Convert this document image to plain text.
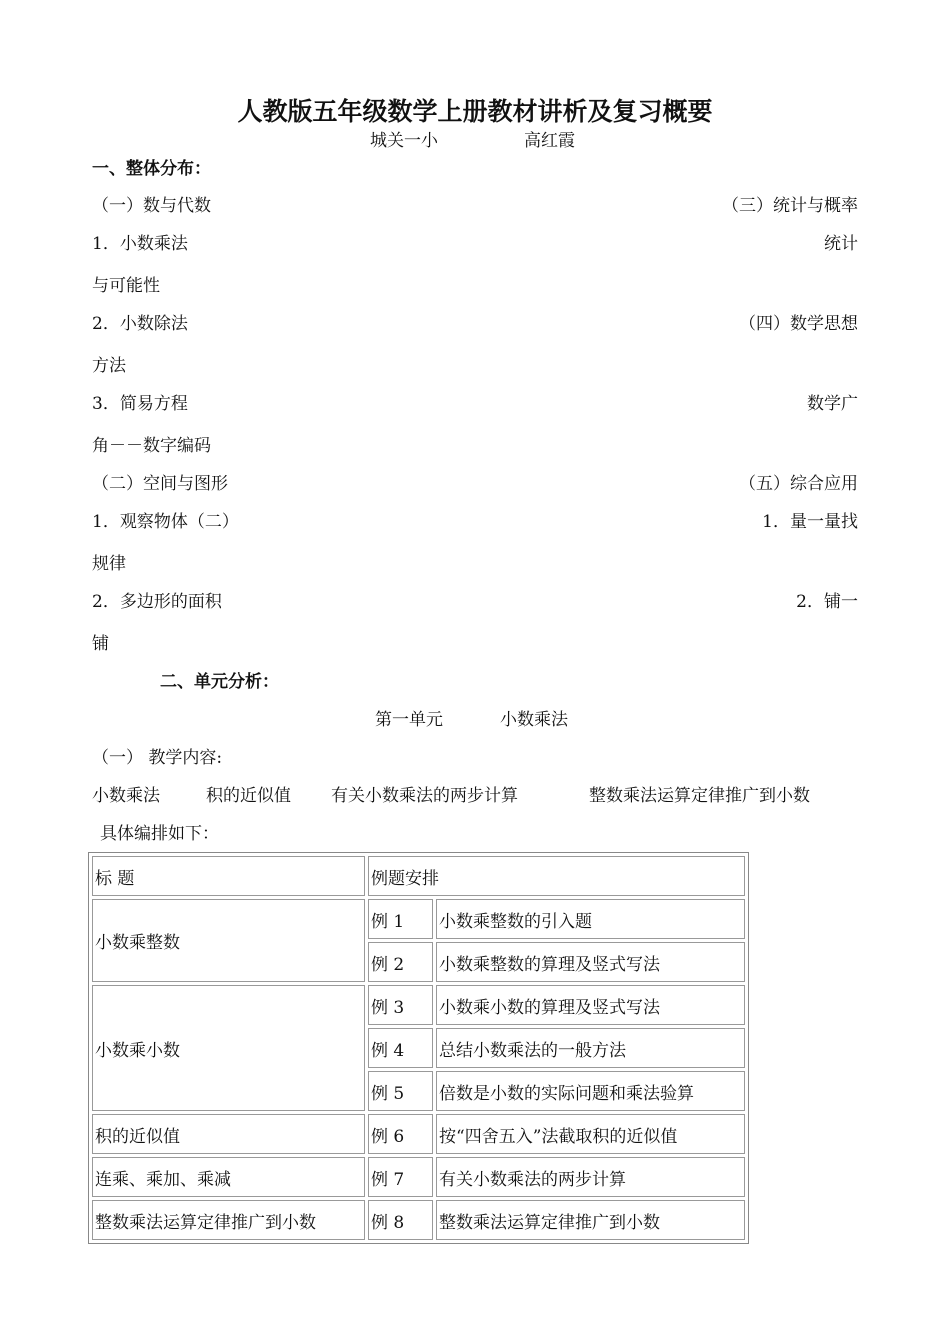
人教版五年级数学上册教材讲析及复习概要
城关一小	高红霞
一、整体分布：
（一）数与代数	（三）统计与概率
1．小数乘法	统计
与可能性
2．小数除法	（四）数学思想
方法
3．简易方程	数学广
角－－数字编码
（二）空间与图形	（五）综合应用
1．观察物体（二）	1．量一量找
规律
2．多边形的面积	2．铺一
铺
二、单元分析：
第一单元	小数乘法
（一） 教学内容:
小数乘法	积的近似值 有关小数乘法的两步计算	整数乘法运算定律推广到小数
具体编排如下：
标 题	例题安排	
小数乘整数	例 1	小数乘整数的引入题
	例 2	小数乘整数的算理及竖式写法
小数乘小数	例 3	小数乘小数的算理及竖式写法
	例 4	总结小数乘法的一般方法
	例 5	倍数是小数的实际问题和乘法验算
积的近似值	例 6	按“四舍五入”法截取积的近似值
连乘、乘加、乘减	例 7	有关小数乘法的两步计算
整数乘法运算定律推广到小数	例 8	整数乘法运算定律推广到小数
